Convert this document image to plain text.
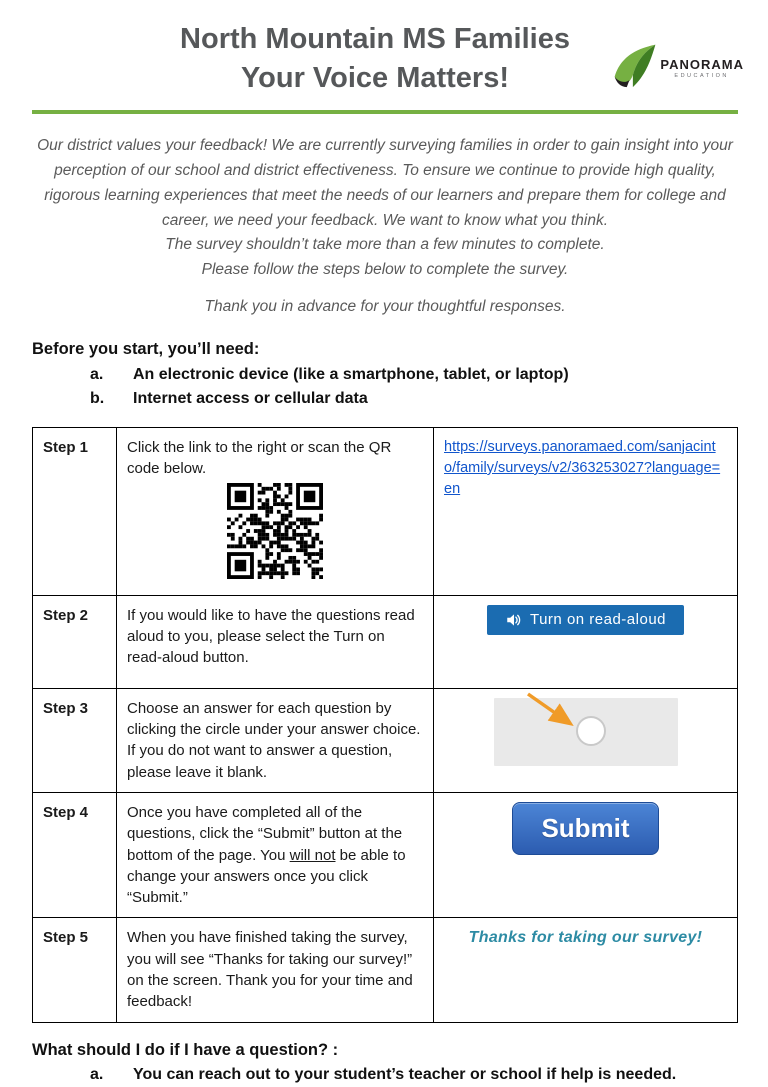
North Mountain MS Families
Your Voice Matters!	PANORAMA
EDUCATION

Our district values your feedback! We are currently surveying families in order to gain insight into your perception of our school and district effectiveness. To ensure we continue to provide high quality, rigorous learning experiences that meet the needs of our learners and prepare them for college and career, we need your feedback. We want to know what you think.

The survey shouldn’t take more than a few minutes to complete.

Please follow the steps below to complete the survey.

Thank you in advance for your thoughtful responses.

Before you start, you’ll need:
a.	An electronic device (like a smartphone, tablet, or laptop)
b.	Internet access or cellular data
Step 1	Click the link to the right or scan the QR code below.	https://surveys.panoramaed.com/sanjacinto/family/surveys/v2/363253027?language=en
Step 2	If you would like to have the questions read aloud to you, please select the Turn on read-aloud button.	Turn on read-aloud

Step 3	Choose an answer for each question by clicking the circle under your answer choice. If you do not want to answer a question, please leave it blank.	

Step 4	Once you have completed all of the questions, click the “Submit” button at the bottom of the page. You will not be able to change your answers once you click “Submit.”	Submit
Step 5	When you have finished taking the survey, you will see “Thanks for taking our survey!” on the screen. Thank you for your time and feedback!	Thanks for taking our survey!
What should I do if I have a question? :
a.	You can reach out to your student’s teacher or school if help is needed.
